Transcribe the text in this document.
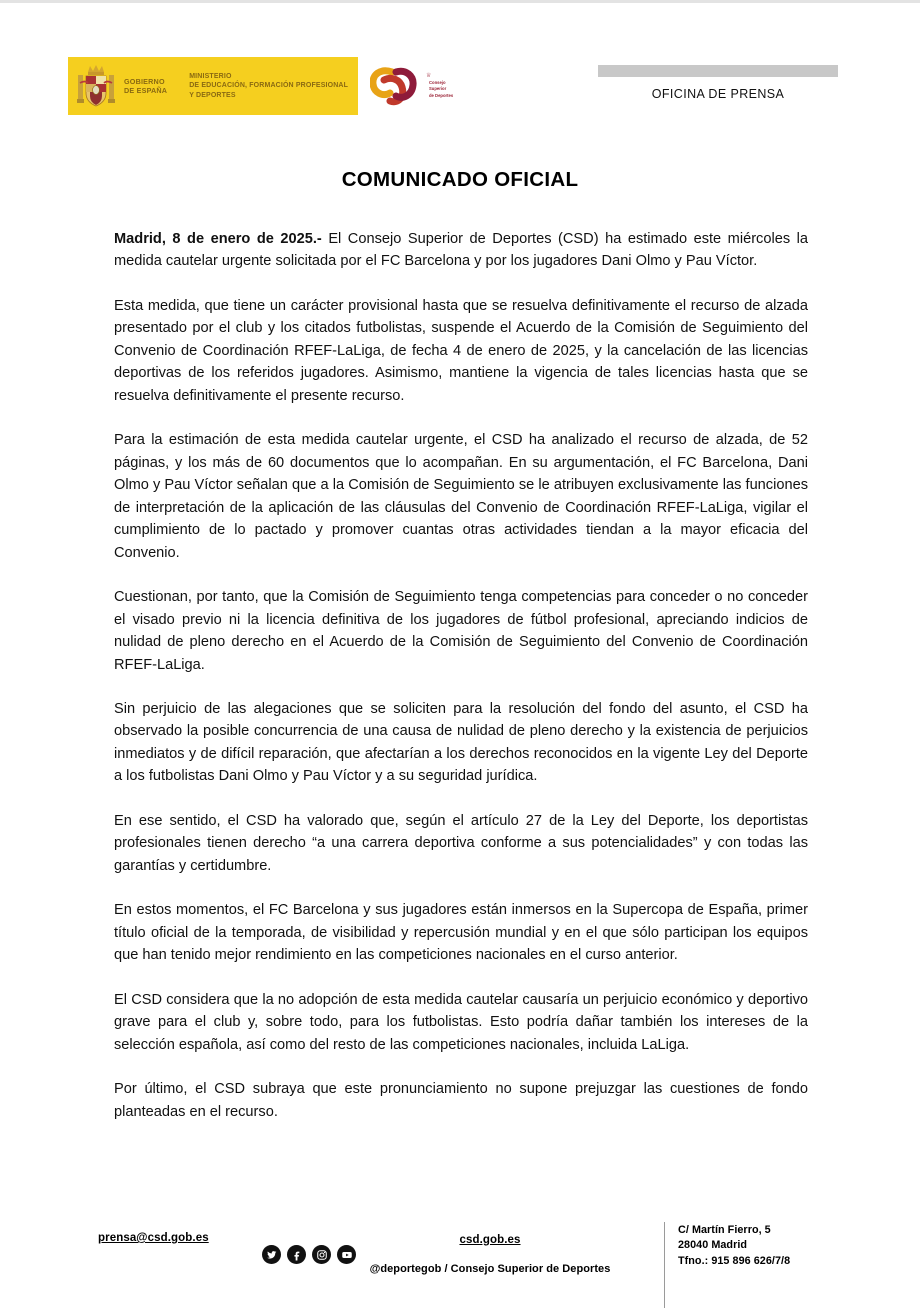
GOBIERNO
DE ESPAÑA
MINISTERIO
DE EDUCACIÓN, FORMACIÓN PROFESIONAL
Y DEPORTES
♕
Consejo
Superior
de Deportes	OFICINA DE PRENSA
COMUNICADO OFICIAL

Madrid, 8 de enero de 2025.- El Consejo Superior de Deportes (CSD) ha estimado este miércoles la medida cautelar urgente solicitada por el FC Barcelona y por los jugadores Dani Olmo y Pau Víctor.

Esta medida, que tiene un carácter provisional hasta que se resuelva definitivamente el recurso de alzada presentado por el club y los citados futbolistas, suspende el Acuerdo de la Comisión de Seguimiento del Convenio de Coordinación RFEF-LaLiga, de fecha 4 de enero de 2025, y la cancelación de las licencias deportivas de los referidos jugadores. Asimismo, mantiene la vigencia de tales licencias hasta que se resuelva definitivamente el presente recurso.

Para la estimación de esta medida cautelar urgente, el CSD ha analizado el recurso de alzada, de 52 páginas, y los más de 60 documentos que lo acompañan. En su argumentación, el FC Barcelona, Dani Olmo y Pau Víctor señalan que a la Comisión de Seguimiento se le atribuyen exclusivamente las funciones de interpretación de la aplicación de las cláusulas del Convenio de Coordinación RFEF-LaLiga, vigilar el cumplimiento de lo pactado y promover cuantas otras actividades tiendan a la mayor eficacia del Convenio.

Cuestionan, por tanto, que la Comisión de Seguimiento tenga competencias para conceder o no conceder el visado previo ni la licencia definitiva de los jugadores de fútbol profesional, apreciando indicios de nulidad de pleno derecho en el Acuerdo de la Comisión de Seguimiento del Convenio de Coordinación RFEF-LaLiga.

Sin perjuicio de las alegaciones que se soliciten para la resolución del fondo del asunto, el CSD ha observado la posible concurrencia de una causa de nulidad de pleno derecho y la existencia de perjuicios inmediatos y de difícil reparación, que afectarían a los derechos reconocidos en la vigente Ley del Deporte a los futbolistas Dani Olmo y Pau Víctor y a su seguridad jurídica.

En ese sentido, el CSD ha valorado que, según el artículo 27 de la Ley del Deporte, los deportistas profesionales tienen derecho “a una carrera deportiva conforme a sus potencialidades” y con todas las garantías y certidumbre.

En estos momentos, el FC Barcelona y sus jugadores están inmersos en la Supercopa de España, primer título oficial de la temporada, de visibilidad y repercusión mundial y en el que sólo participan los equipos que han tenido mejor rendimiento en las competiciones nacionales en el curso anterior.

El CSD considera que la no adopción de esta medida cautelar causaría un perjuicio económico y deportivo grave para el club y, sobre todo, para los futbolistas. Esto podría dañar también los intereses de la selección española, así como del resto de las competiciones nacionales, incluida LaLiga.

Por último, el CSD subraya que este pronunciamiento no supone prejuzgar las cuestiones de fondo planteadas en el recurso.

prensa@csd.gob.es	csd.gob.es
@deportegob / Consejo Superior de Deportes
C/ Martín Fierro, 5
28040 Madrid
Tfno.: 915 896 626/7/8
